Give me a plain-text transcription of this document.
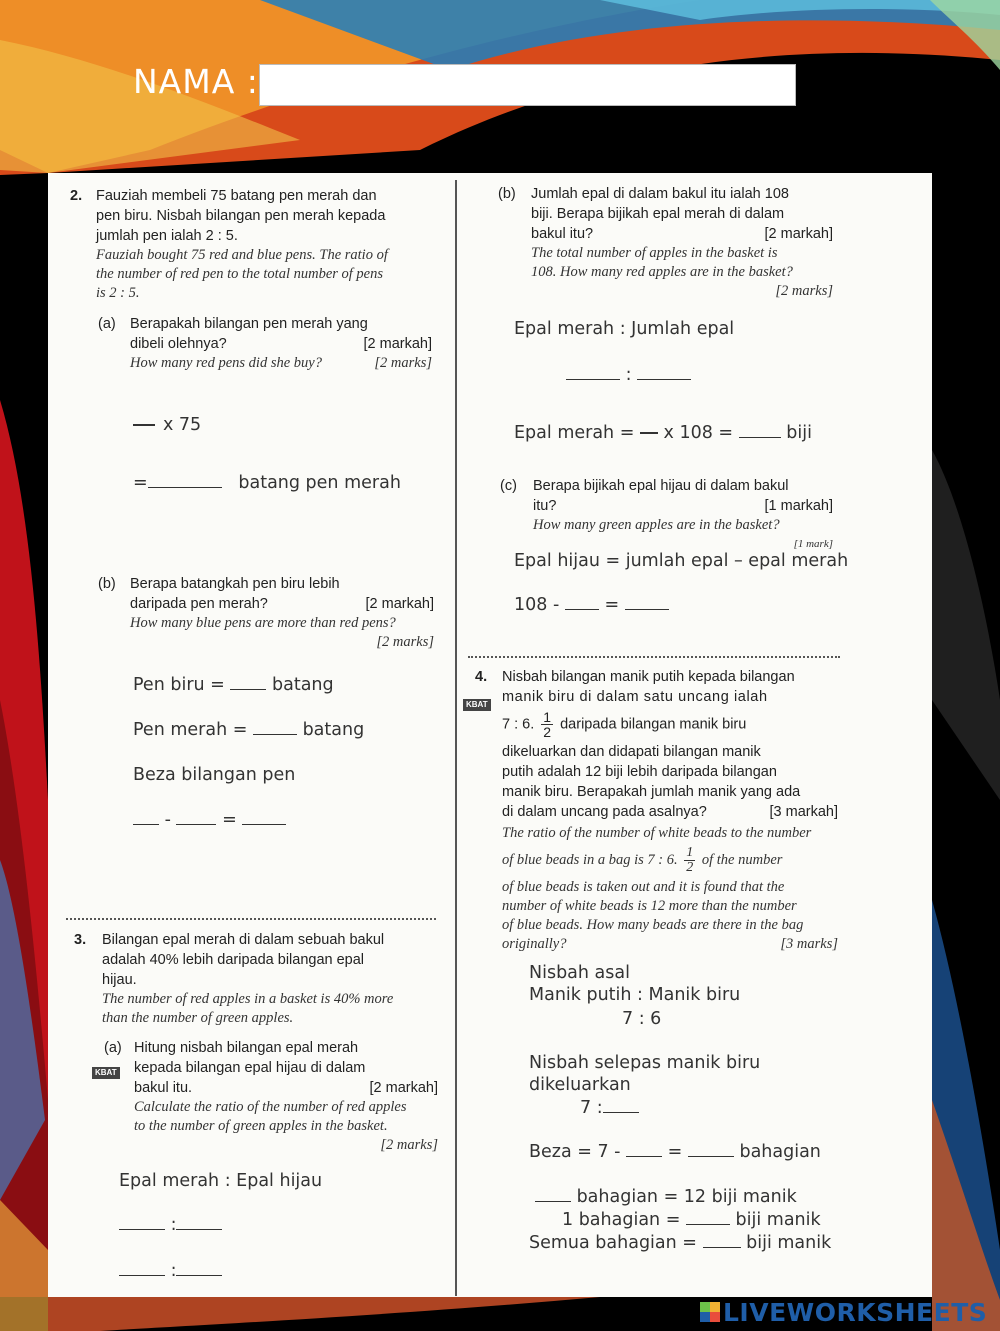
NAMA :
2. Fauziah membeli 75 batang pen merah dan
pen biru. Nisbah bilangan pen merah kepada
jumlah pen ialah 2 : 5.
Fauziah bought 75 red and blue pens. The ratio of
the number of red pen to the total number of pens
is 2 : 5.
(a) Berapakah bilangan pen merah yang
dibeli olehnya?	[2 markah]
How many red pens did she buy?	[2 marks]
x 75
=	batang pen merah
(b) Berapa batangkah pen biru lebih
daripada pen merah?	[2 markah]
How many blue pens are more than red pens?
[2 marks]
Pen biru =	batang
Pen merah =	batang
Beza bilangan pen
-	=
3. Bilangan epal merah di dalam sebuah bakul
adalah 40% lebih daripada bilangan epal
hijau.
The number of red apples in a basket is 40% more
than the number of green apples.
(a)
KBAT
Hitung nisbah bilangan epal merah
kepada bilangan epal hijau di dalam
bakul itu.	[2 markah]
Calculate the ratio of the number of red apples
to the number of green apples in the basket.
[2 marks]
Epal merah : Epal hijau
:
:
(b) Jumlah epal di dalam bakul itu ialah 108
biji. Berapa bijikah epal merah di dalam
bakul itu?	[2 markah]
The total number of apples in the basket is
108. How many red apples are in the basket?
[2 marks]
Epal merah : Jumlah epal
:
Epal merah = x 108 =	biji
(c) Berapa bijikah epal hijau di dalam bakul
itu?	[1 markah]
How many green apples are in the basket?
Epal hijau = jumlah epal – epal merah
108 -	=
4.
KBAT
Nisbah bilangan manik putih kepada bilangan
manik biru di dalam satu uncang ialah
7 : 6. $\frac{1}{2}$ daripada bilangan manik biru
dikeluarkan dan didapati bilangan manik
putih adalah 12 biji lebih daripada bilangan
manik biru. Berapakah jumlah manik yang ada
di dalam uncang pada asalnya?	[3 markah]
The ratio of the number of white beads to the number
of blue beads in a bag is 7 : 6. $\frac{1}{2}$ of the number
of blue beads is taken out and it is found that the
number of white beads is 12 more than the number
of blue beads. How many beads are there in the bag
originally?	[3 marks]
Nisbah asal
Manik putih : Manik biru
7 : 6
Nisbah selepas manik biru
dikeluarkan
7 :
Beza = 7 -	=	bahagian
bahagian = 12 biji manik
1 bahagian =	biji manik
Semua bahagian =	biji manik
LIVEWORKSHEETS
